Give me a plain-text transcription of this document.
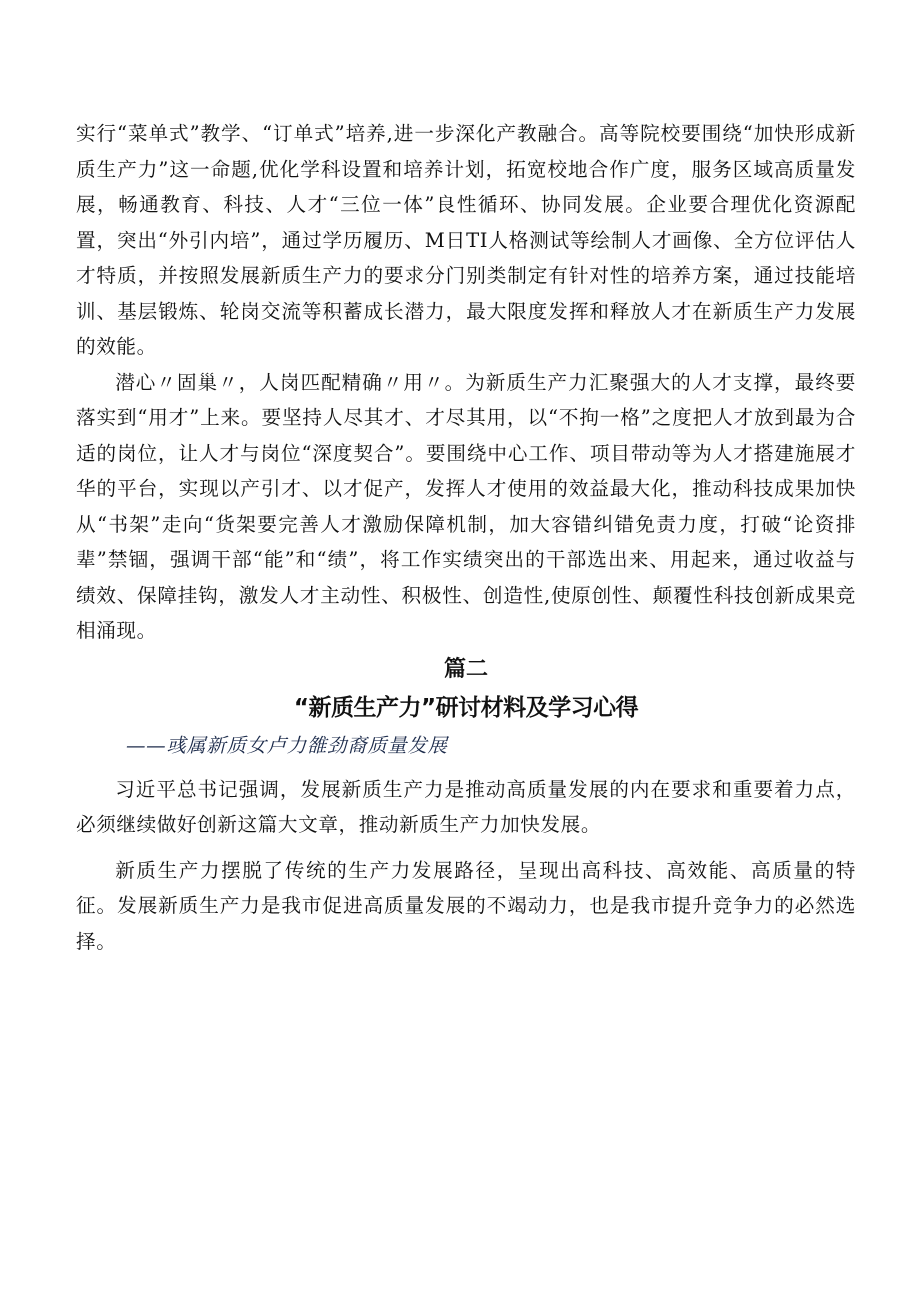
实行“菜单式”教学、“订单式”培养,进一步深化产教融合。高等院校要围绕“加快形成新质生产力”这一命题,优化学科设置和培养计划，拓宽校地合作广度，服务区域高质量发展，畅通教育、科技、人才“三位一体”良性循环、协同发展。企业要合理优化资源配置，突出“外引内培”，通过学历履历、M日TI人格测试等绘制人才画像、全方位评估人才特质，并按照发展新质生产力的要求分门别类制定有针对性的培养方案，通过技能培训、基层锻炼、轮岗交流等积蓄成长潜力，最大限度发挥和释放人才在新质生产力发展的效能。

潜心〃固巢〃，人岗匹配精确〃用〃。为新质生产力汇聚强大的人才支撑，最终要落实到“用才”上来。要坚持人尽其才、才尽其用，以“不拘一格”之度把人才放到最为合适的岗位，让人才与岗位“深度契合”。要围绕中心工作、项目带动等为人才搭建施展才华的平台，实现以产引才、以才促产，发挥人才使用的效益最大化，推动科技成果加快从“书架”走向“货架要完善人才激励保障机制，加大容错纠错免责力度，打破“论资排辈”禁锢，强调干部“能”和“绩”，将工作实绩突出的干部选出来、用起来，通过收益与绩效、保障挂钩，激发人才主动性、积极性、创造性,使原创性、颠覆性科技创新成果竞相涌现。

篇二
“新质生产力”研讨材料及学习心得

——彧属新质女卢力雒劲裔质量发展

习近平总书记强调，发展新质生产力是推动高质量发展的内在要求和重要着力点，必须继续做好创新这篇大文章，推动新质生产力加快发展。

新质生产力摆脱了传统的生产力发展路径，呈现出高科技、高效能、高质量的特征。发展新质生产力是我市促进高质量发展的不竭动力，也是我市提升竞争力的必然选择。
